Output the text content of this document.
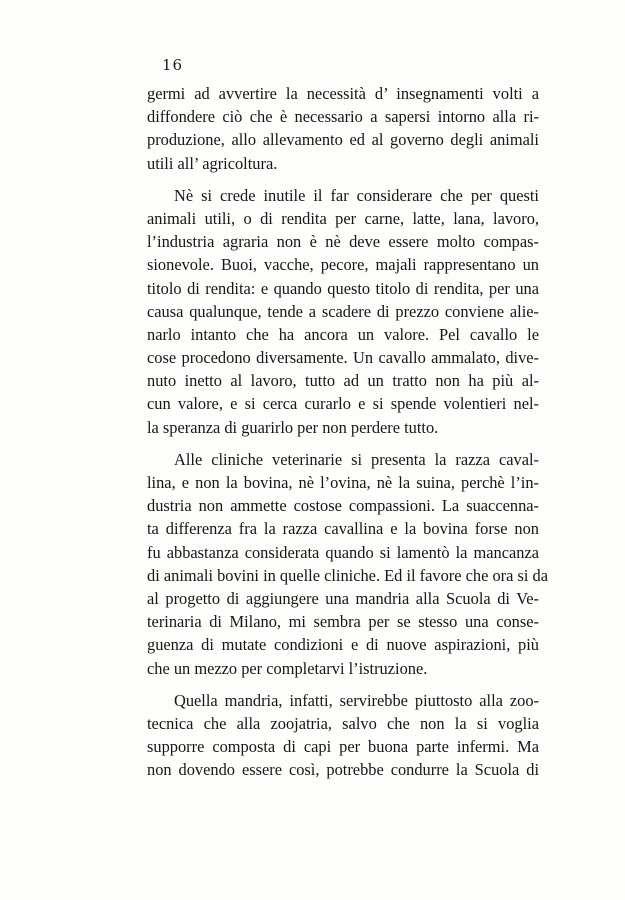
16
germi ad avvertire la necessità d’ insegnamenti volti a
diffondere ciò che è necessario a sapersi intorno alla ri-
produzione, allo allevamento ed al governo degli animali
utili all’ agricoltura.
Nè si crede inutile il far considerare che per questi
animali utili, o di rendita per carne, latte, lana, lavoro,
l’industria agraria non è nè deve essere molto compas-
sionevole. Buoi, vacche, pecore, majali rappresentano un
titolo di rendita: e quando questo titolo di rendita, per una
causa qualunque, tende a scadere di prezzo conviene alie-
narlo intanto che ha ancora un valore. Pel cavallo le
cose procedono diversamente. Un cavallo ammalato, dive-
nuto inetto al lavoro, tutto ad un tratto non ha più al-
cun valore, e si cerca curarlo e si spende volentieri nel-
la speranza di guarirlo per non perdere tutto.
Alle cliniche veterinarie si presenta la razza caval-
lina, e non la bovina, nè l’ovina, nè la suina, perchè l’in-
dustria non ammette costose compassioni. La suaccenna-
ta differenza fra la razza cavallina e la bovina forse non
fu abbastanza considerata quando si lamentò la mancanza
di animali bovini in quelle cliniche. Ed il favore che ora si da
al progetto di aggiungere una mandria alla Scuola di Ve-
terinaria di Milano, mi sembra per se stesso una conse-
guenza di mutate condizioni e di nuove aspirazioni, più
che un mezzo per completarvi l’istruzione.
Quella mandria, infatti, servirebbe piuttosto alla zoo-
tecnica che alla zoojatria, salvo che non la si voglia
supporre composta di capi per buona parte infermi. Ma
non dovendo essere così, potrebbe condurre la Scuola di
